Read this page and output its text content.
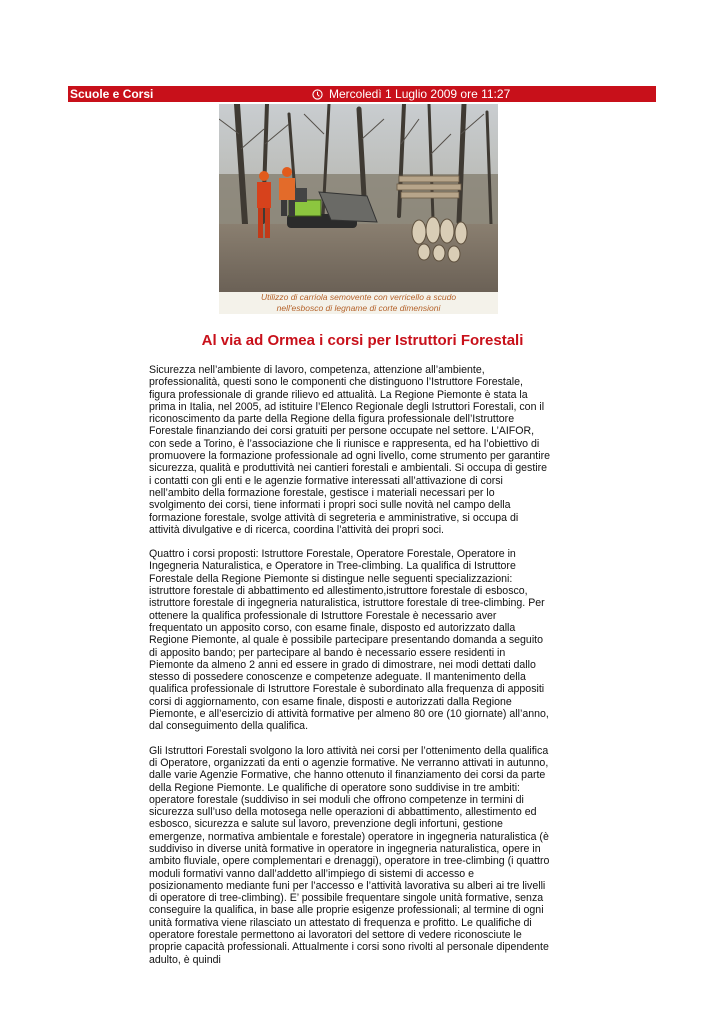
Scuole e Corsi	Mercoledì 1 Luglio 2009 ore 11:27
Utilizzo di carriola semovente con verricello a scudo
nell'esbosco di legname di corte dimensioni
Al via ad Ormea i corsi per Istruttori Forestali

Sicurezza nell’ambiente di lavoro, competenza, attenzione all’ambiente, professionalità, questi sono le componenti che distinguono l’Istruttore Forestale, figura professionale di grande rilievo ed attualità. La Regione Piemonte è stata la prima in Italia, nel 2005, ad istituire l’Elenco Regionale degli Istruttori Forestali, con il riconoscimento da parte della Regione della figura professionale dell’Istruttore Forestale finanziando dei corsi gratuiti per persone occupate nel settore. L’AIFOR, con sede a Torino, è l’associazione che li riunisce e rappresenta, ed ha l’obiettivo di promuovere la formazione professionale ad ogni livello, come strumento per garantire sicurezza, qualità e produttività nei cantieri forestali e ambientali. Si occupa di gestire i contatti con gli enti e le agenzie formative interessati all’attivazione di corsi nell’ambito della formazione forestale, gestisce i materiali necessari per lo svolgimento dei corsi, tiene informati i propri soci sulle novità nel campo della formazione forestale, svolge attività di segreteria e amministrative, si occupa di attività divulgative e di ricerca, coordina l’attività dei propri soci.

Quattro i corsi proposti: Istruttore Forestale, Operatore Forestale, Operatore in Ingegneria Naturalistica, e Operatore in Tree-climbing. La qualifica di Istruttore Forestale della Regione Piemonte si distingue nelle seguenti specializzazioni: istruttore forestale di abbattimento ed allestimento,istruttore forestale di esbosco, istruttore forestale di ingegneria naturalistica, istruttore forestale di tree-climbing. Per ottenere la qualifica professionale di Istruttore Forestale è necessario aver frequentato un apposito corso, con esame finale, disposto ed autorizzato dalla Regione Piemonte, al quale è possibile partecipare presentando domanda a seguito di apposito bando; per partecipare al bando è necessario essere residenti in Piemonte da almeno 2 anni ed essere in grado di dimostrare, nei modi dettati dallo stesso di possedere conoscenze e competenze adeguate. Il mantenimento della qualifica professionale di Istruttore Forestale è subordinato alla frequenza di appositi corsi di aggiornamento, con esame finale, disposti e autorizzati dalla Regione Piemonte, e all’esercizio di attività formative per almeno 80 ore (10 giornate) all’anno, dal conseguimento della qualifica.

Gli Istruttori Forestali svolgono la loro attività nei corsi per l’ottenimento della qualifica di Operatore, organizzati da enti o agenzie formative. Ne verranno attivati in autunno, dalle varie Agenzie Formative, che hanno ottenuto il finanziamento dei corsi da parte della Regione Piemonte. Le qualifiche di operatore sono suddivise in tre ambiti: operatore forestale (suddiviso in sei moduli che offrono competenze in termini di sicurezza sull’uso della motosega nelle operazioni di abbattimento, allestimento ed esbosco, sicurezza e salute sul lavoro, prevenzione degli infortuni, gestione emergenze, normativa ambientale e forestale) operatore in ingegneria naturalistica (è suddiviso in diverse unità formative in operatore in ingegneria naturalistica, opere in ambito fluviale, opere complementari e drenaggi), operatore in tree-climbing (i quattro moduli formativi vanno dall’addetto all’impiego di sistemi di accesso e posizionamento mediante funi per l’accesso e l’attività lavorativa su alberi ai tre livelli di operatore di tree-climbing). E’ possibile frequentare singole unità formative, senza conseguire la qualifica, in base alle proprie esigenze professionali; al termine di ogni unità formativa viene rilasciato un attestato di frequenza e profitto. Le qualifiche di operatore forestale permettono ai lavoratori del settore di vedere riconosciute le proprie capacità professionali. Attualmente i corsi sono rivolti al personale dipendente adulto, è quindi
